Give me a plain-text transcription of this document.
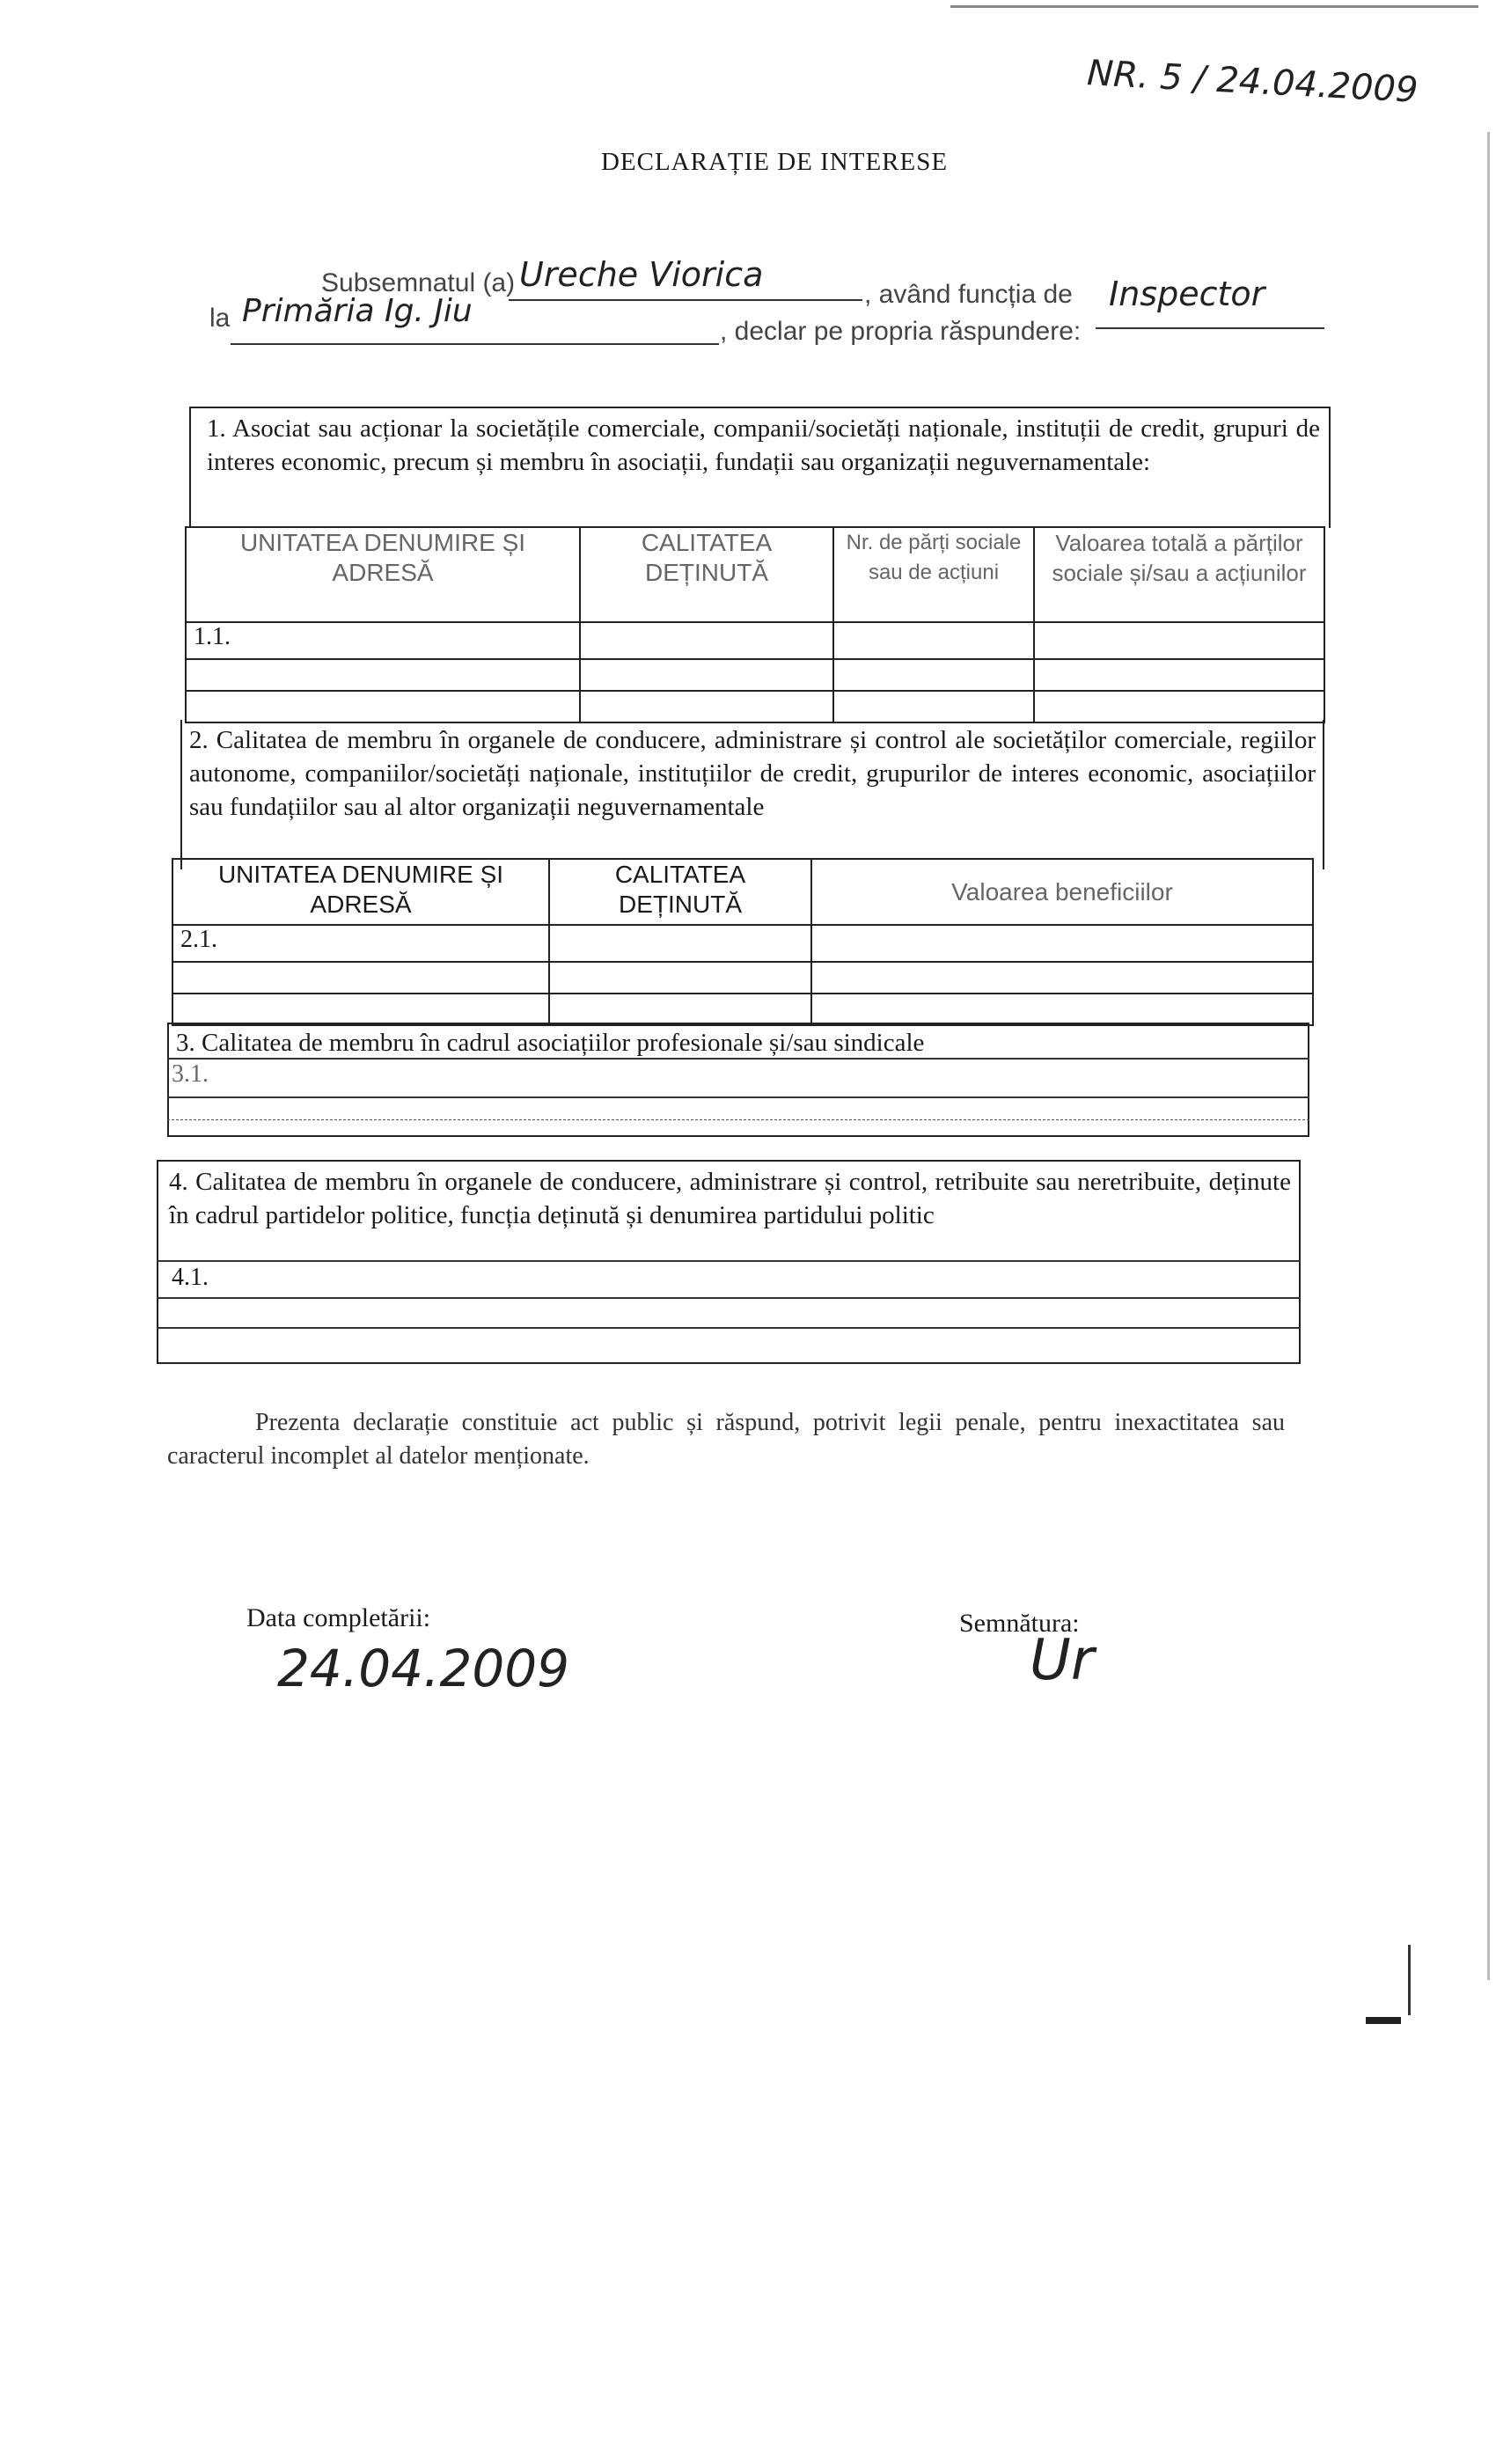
NR. 5 / 24.04.2009
DECLARAȚIE DE INTERESE
Subsemnatul (a) Ureche Viorica
, având funcția de Inspector
la Primăria Ig. Jiu
, declar pe propria răspundere:
1. Asociat sau acționar la societățile comerciale, companii/societăți naționale, instituții de credit, grupuri de interes economic, precum și membru în asociații, fundații sau organizații neguvernamentale:
UNITATEA DENUMIRE ȘI ADRESĂ	CALITATEA DEȚINUTĂ	Nr. de părți sociale sau de acțiuni	Valoarea totală a părților sociale și/sau a acțiunilor
1.1.			

2. Calitatea de membru în organele de conducere, administrare și control ale societăților comerciale, regiilor autonome, companiilor/societăți naționale, instituțiilor de credit, grupurilor de interes economic, asociațiilor sau fundațiilor sau al altor organizații neguvernamentale
UNITATEA DENUMIRE ȘI ADRESĂ	CALITATEA DEȚINUTĂ	Valoarea beneficiilor
2.1.		

3. Calitatea de membru în cadrul asociațiilor profesionale și/sau sindicale
3.1.
4. Calitatea de membru în organele de conducere, administrare și control, retribuite sau neretribuite, deținute în cadrul partidelor politice, funcția deținută și denumirea partidului politic
4.1.
Prezenta declarație constituie act public și răspund, potrivit legii penale, pentru inexactitatea sau caracterul incomplet al datelor menționate.
Data completării:
24.04.2009
Semnătura:
Ur
